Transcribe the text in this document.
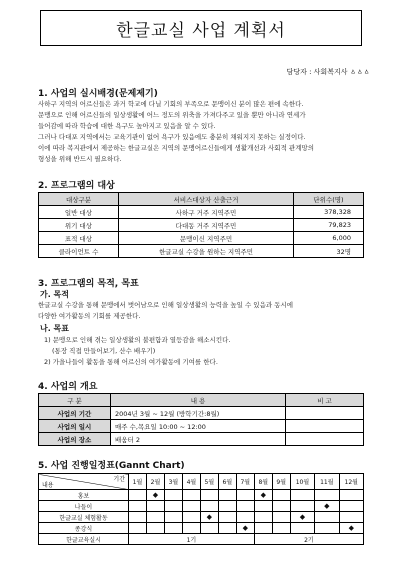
한글교실 사업 계획서
담당자 : 사회복지사 ㅿㅿㅿ
1. 사업의 실시배경(문제제기)

사하구 지역의 어르신들은 과거 학교에 다닐 기회의 부족으로 문맹이신 분이 많은 편에 속한다.

문맹으로 인해 어르신들의 일상생활에 어느 정도의 위축을 가져다주고 있을 뿐만 아니라 연세가

들어감에 따라 학습에 대한 욕구도 높아지고 있음을 알 수 있다.

그러나 다대포 지역에서는 교육기관이 없어 욕구가 있음에도 충분히 채워지지 못하는 실정이다.

이에 따라 복지관에서 제공하는 한글교실은 지역의 문맹어르신들에게 생활개선과 사회적 관계망의

형성을 위해 반드시 필요하다.

2. 프로그램의 대상
대상구분	서비스대상자 산출근거	단위수(명)
일반 대상	사하구 거주 지역주민	378,328
위기 대상	다대동 거주 지역주민	79,823
표적 대상	문맹이신 지역주민	6,000
클라이언트 수	한글교실 수강을 원하는 지역주민	32명
3. 프로그램의 목적, 목표
가. 목적

한글교실 수강을 통해 문맹에서 벗어남으로 인해 일상생활의 능력을 높일 수 있음과 동시에

다양한 여가활동의 기회를 제공한다.

나. 목표

1) 문맹으로 인해 겪는 일상생활의 불편함과 열등감을 해소시킨다.

(통장 직접 만들어보기, 산수 배우기)

2) 가을나들이 활동을 통해 어르신의 여가활동에 기여를 한다.

4. 사업의 개요
구 분	내 용	비 고
사업의 기간	2004년 3월 ~ 12월 (방학기간:8월)	
사업의 일시	매주 수,목요일 10:00 ~ 12:00	
사업의 장소	배움터 2	
5. 사업 진행일정표(Gannt Chart)
기간
내용	1월	2월	3월	4월	5월	6월	7월	8월	9월	10월	11월	12월
홍보		◆						◆				
나들이											◆	
한글교실 체험활동					◆					◆		
종강식							◆					◆
한글교육실시	1기							2기				
